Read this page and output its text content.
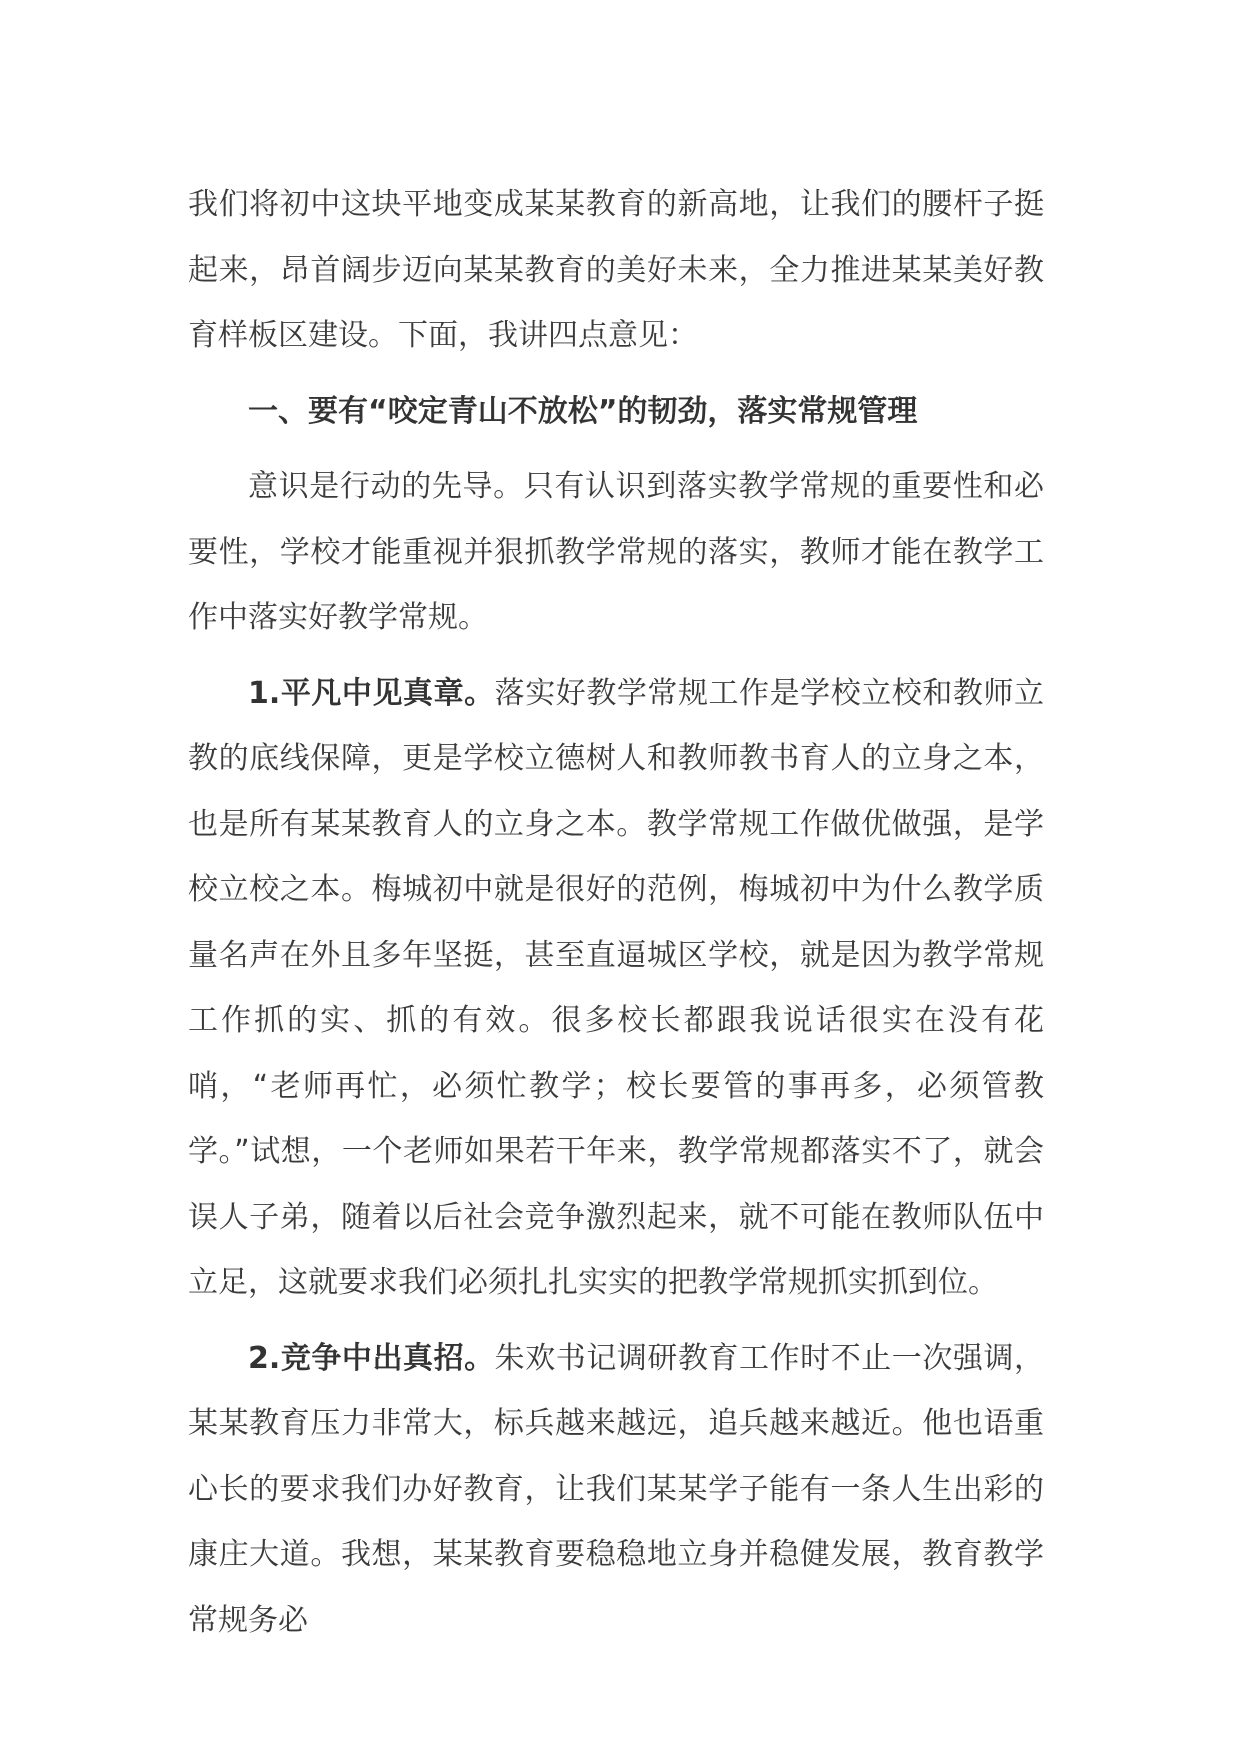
我们将初中这块平地变成某某教育的新高地，让我们的腰杆子挺起来，昂首阔步迈向某某教育的美好未来，全力推进某某美好教育样板区建设。下面，我讲四点意见：

一、要有“咬定青山不放松”的韧劲，落实常规管理

意识是行动的先导。只有认识到落实教学常规的重要性和必要性，学校才能重视并狠抓教学常规的落实，教师才能在教学工作中落实好教学常规。

1.平凡中见真章。落实好教学常规工作是学校立校和教师立教的底线保障，更是学校立德树人和教师教书育人的立身之本，也是所有某某教育人的立身之本。教学常规工作做优做强，是学校立校之本。梅城初中就是很好的范例，梅城初中为什么教学质量名声在外且多年坚挺，甚至直逼城区学校，就是因为教学常规工作抓的实、抓的有效。很多校长都跟我说话很实在没有花哨，“老师再忙，必须忙教学；校长要管的事再多，必须管教学。”试想，一个老师如果若干年来，教学常规都落实不了，就会误人子弟，随着以后社会竞争激烈起来，就不可能在教师队伍中立足，这就要求我们必须扎扎实实的把教学常规抓实抓到位。

2.竞争中出真招。朱欢书记调研教育工作时不止一次强调，某某教育压力非常大，标兵越来越远，追兵越来越近。他也语重心长的要求我们办好教育，让我们某某学子能有一条人生出彩的康庄大道。我想，某某教育要稳稳地立身并稳健发展，教育教学常规务必
